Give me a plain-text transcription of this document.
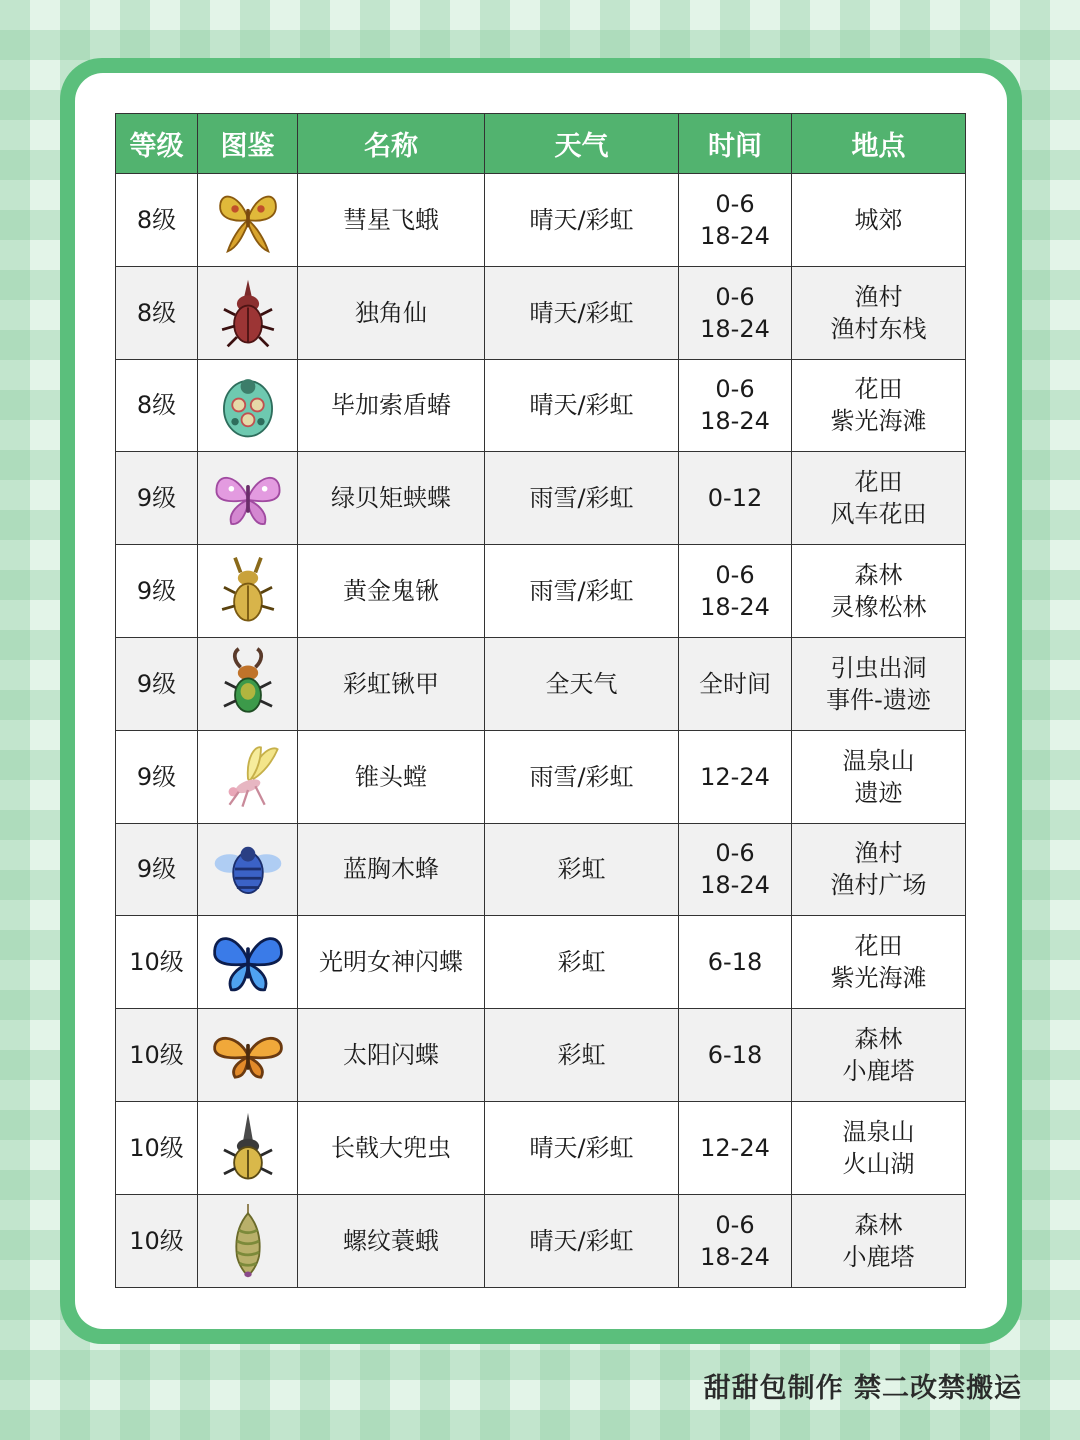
等级	图鉴	名称	天气	时间	地点
8级		彗星飞蛾	晴天/彩虹	0-6
18-24	城郊

8级		独角仙	晴天/彩虹	0-6
18-24	渔村
渔村东栈

8级		毕加索盾蝽	晴天/彩虹	0-6
18-24	花田
紫光海滩

9级		绿贝矩蛱蝶	雨雪/彩虹	0-12	花田
风车花田

9级		黄金鬼锹	雨雪/彩虹	0-6
18-24	森林
灵橡松林

9级		彩虹锹甲	全天气	全时间	引虫出洞
事件-遗迹

9级		锥头螳	雨雪/彩虹	12-24	温泉山
遗迹

9级		蓝胸木蜂	彩虹	0-6
18-24	渔村
渔村广场

10级		光明女神闪蝶	彩虹	6-18	花田
紫光海滩

10级		太阳闪蝶	彩虹	6-18	森林
小鹿塔

10级		长戟大兜虫	晴天/彩虹	12-24	温泉山
火山湖

10级		螺纹蓑蛾	晴天/彩虹	0-6
18-24	森林
小鹿塔
甜甜包制作 禁二改禁搬运
